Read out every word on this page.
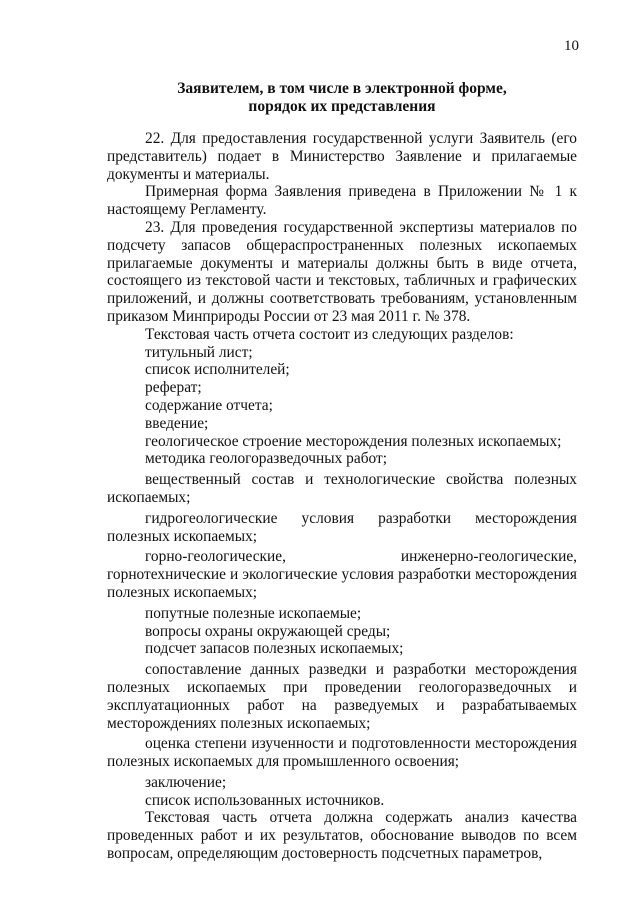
10
Заявителем, в том числе в электронной форме,
порядок их представления

22. Для предоставления государственной услуги Заявитель (его представитель) подает в Министерство Заявление и прилагаемые документы и материалы.

Примерная форма Заявления приведена в Приложении № 1 к настоящему Регламенту.

23. Для проведения государственной экспертизы материалов по подсчету запасов общераспространенных полезных ископаемых прилагаемые документы и материалы должны быть в виде отчета, состоящего из текстовой части и текстовых, табличных и графических приложений, и должны соответствовать требованиям, установленным приказом Минприроды России от 23 мая 2011 г. № 378.

Текстовая часть отчета состоит из следующих разделов:

титульный лист;

список исполнителей;

реферат;

содержание отчета;

введение;

геологическое строение месторождения полезных ископаемых;

методика геологоразведочных работ;

вещественный состав и технологические свойства полезных ископаемых;

гидрогеологические условия разработки месторождения полезных ископаемых;

горно-геологические, инженерно-геологические, горнотехнические и экологические условия разработки месторождения полезных ископаемых;

попутные полезные ископаемые;

вопросы охраны окружающей среды;

подсчет запасов полезных ископаемых;

сопоставление данных разведки и разработки месторождения полезных ископаемых при проведении геологоразведочных и эксплуатационных работ на разведуемых и разрабатываемых месторождениях полезных ископаемых;

оценка степени изученности и подготовленности месторождения полезных ископаемых для промышленного освоения;

заключение;

список использованных источников.

Текстовая часть отчета должна содержать анализ качества проведенных работ и их результатов, обоснование выводов по всем вопросам, определяющим достоверность подсчетных параметров,
